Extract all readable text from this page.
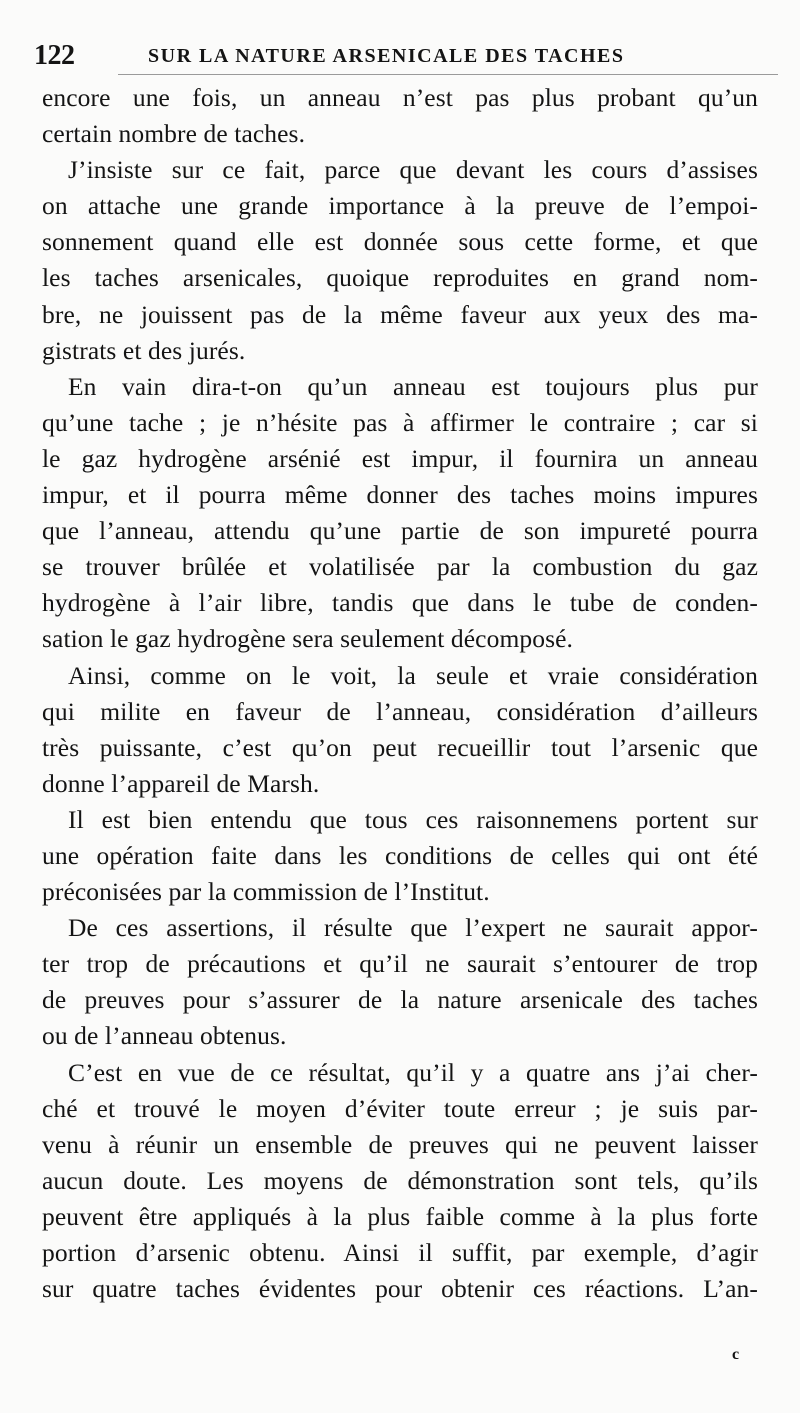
122	SUR LA NATURE ARSENICALE DES TACHES
encore une fois, un anneau n’est pas plus probant qu’un
certain nombre de taches.
J’insiste sur ce fait, parce que devant les cours d’assises
on attache une grande importance à la preuve de l’empoi-
sonnement quand elle est donnée sous cette forme, et que
les taches arsenicales, quoique reproduites en grand nom-
bre, ne jouissent pas de la même faveur aux yeux des ma-
gistrats et des jurés.
En vain dira-t-on qu’un anneau est toujours plus pur
qu’une tache ; je n’hésite pas à affirmer le contraire ; car si
le gaz hydrogène arsénié est impur, il fournira un anneau
impur, et il pourra même donner des taches moins impures
que l’anneau, attendu qu’une partie de son impureté pourra
se trouver brûlée et volatilisée par la combustion du gaz
hydrogène à l’air libre, tandis que dans le tube de conden-
sation le gaz hydrogène sera seulement décomposé.
Ainsi, comme on le voit, la seule et vraie considération
qui milite en faveur de l’anneau, considération d’ailleurs
très puissante, c’est qu’on peut recueillir tout l’arsenic que
donne l’appareil de Marsh.
Il est bien entendu que tous ces raisonnemens portent sur
une opération faite dans les conditions de celles qui ont été
préconisées par la commission de l’Institut.
De ces assertions, il résulte que l’expert ne saurait appor-
ter trop de précautions et qu’il ne saurait s’entourer de trop
de preuves pour s’assurer de la nature arsenicale des taches
ou de l’anneau obtenus.
C’est en vue de ce résultat, qu’il y a quatre ans j’ai cher-
ché et trouvé le moyen d’éviter toute erreur ; je suis par-
venu à réunir un ensemble de preuves qui ne peuvent laisser
aucun doute. Les moyens de démonstration sont tels, qu’ils
peuvent être appliqués à la plus faible comme à la plus forte
portion d’arsenic obtenu. Ainsi il suffit, par exemple, d’agir
sur quatre taches évidentes pour obtenir ces réactions. L’an-
c
